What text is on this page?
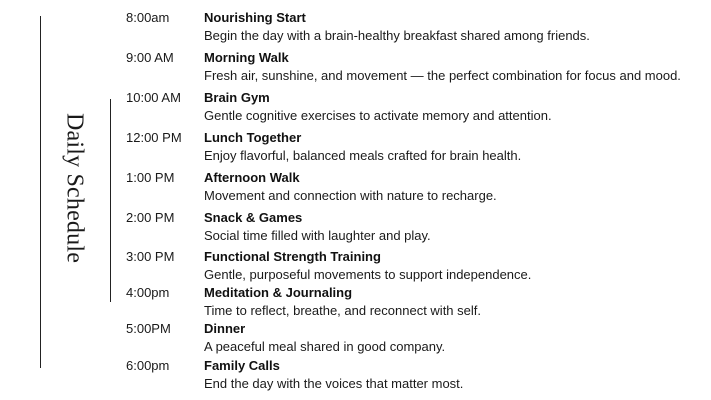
Daily Schedule
8:00am	Nourishing Start
Begin the day with a brain-healthy breakfast shared among friends.
9:00 AM Morning Walk
Fresh air, sunshine, and movement — the perfect combination for focus and mood.
10:00 AM Brain Gym
Gentle cognitive exercises to activate memory and attention.
12:00 PM Lunch Together
Enjoy flavorful, balanced meals crafted for brain health.
1:00 PM Afternoon Walk
Movement and connection with nature to recharge.
2:00 PM Snack & Games
Social time filled with laughter and play.
3:00 PM Functional Strength Training
Gentle, purposeful movements to support independence.
4:00pm	Meditation & Journaling
Time to reflect, breathe, and reconnect with self.
5:00PM	Dinner
A peaceful meal shared in good company.
6:00pm	Family Calls
End the day with the voices that matter most.
